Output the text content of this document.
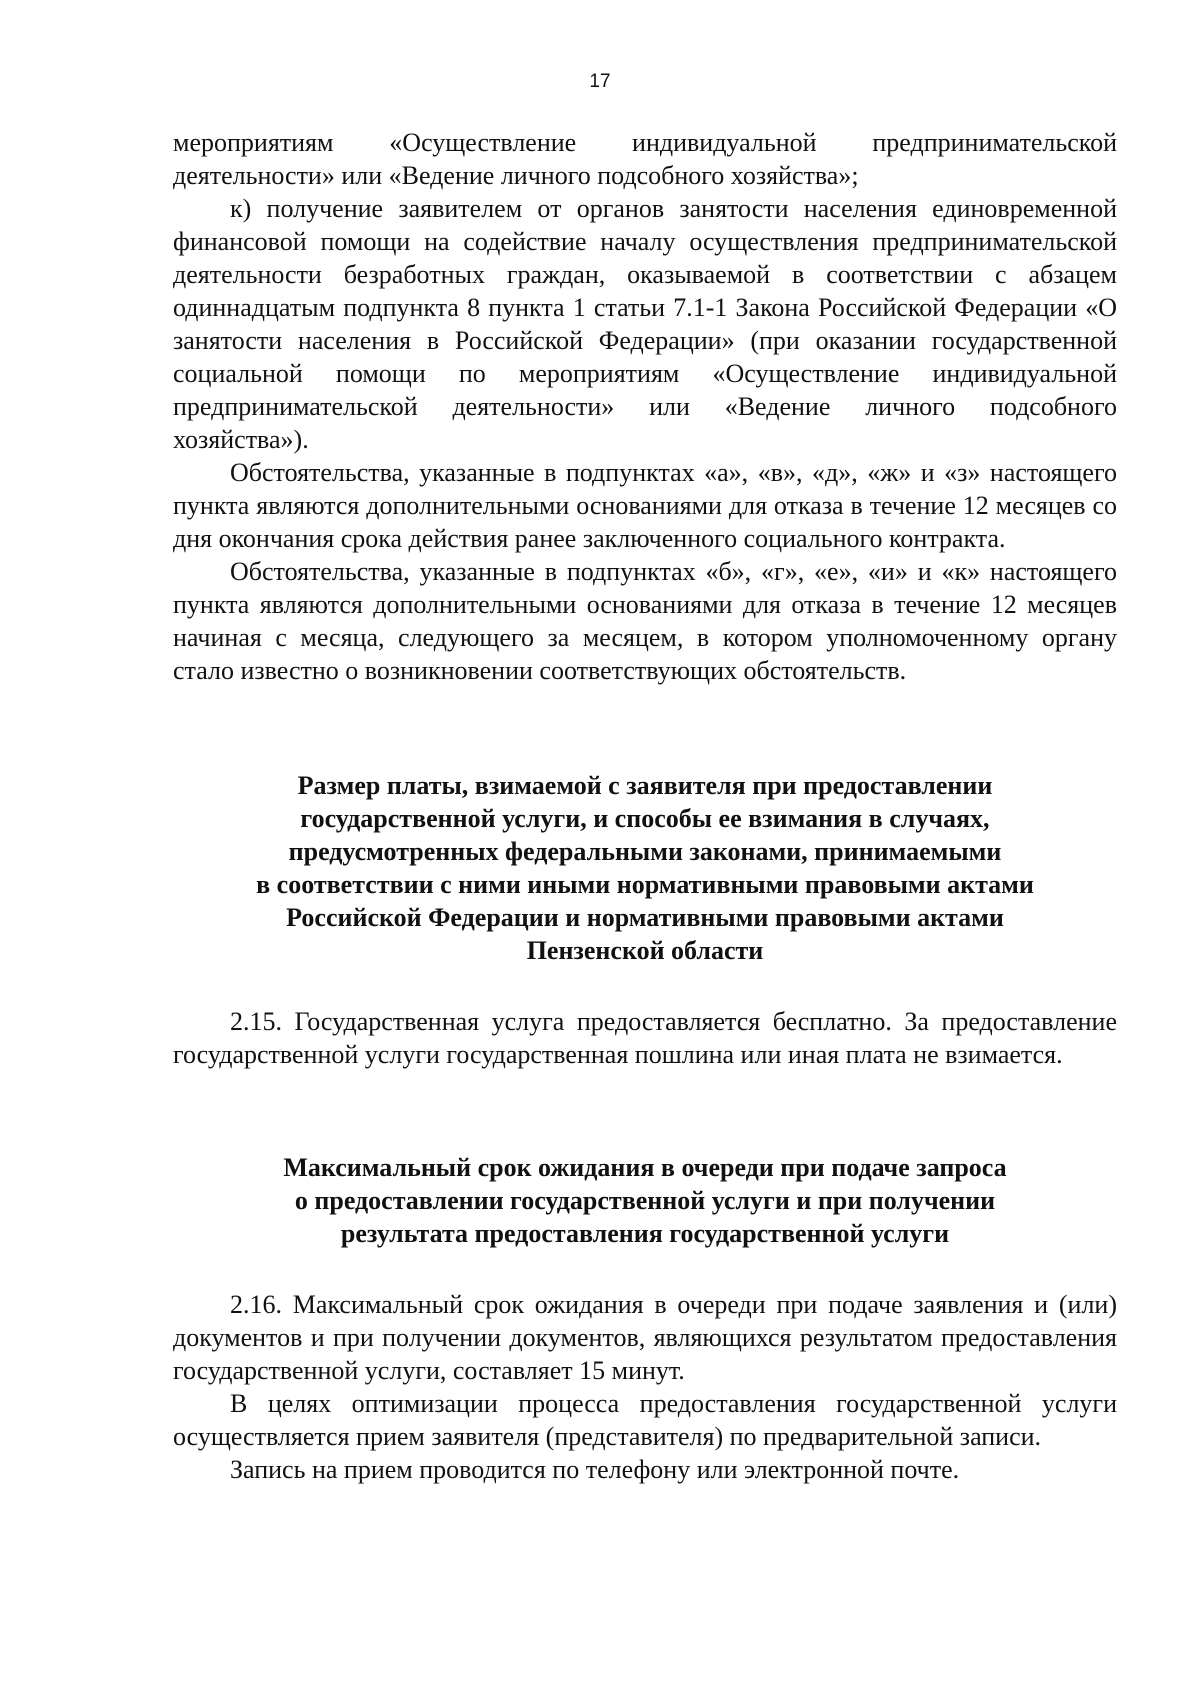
17

мероприятиям «Осуществление индивидуальной предпринимательской деятельности» или «Ведение личного подсобного хозяйства»;

к) получение заявителем от органов занятости населения единовременной финансовой помощи на содействие началу осуществления предпринимательской деятельности безработных граждан, оказываемой в соответствии с абзацем одиннадцатым подпункта 8 пункта 1 статьи 7.1-1 Закона Российской Федерации «О занятости населения в Российской Федерации» (при оказании государственной социальной помощи по мероприятиям «Осуществление индивидуальной предпринимательской деятельности» или «Ведение личного подсобного хозяйства»).

Обстоятельства, указанные в подпунктах «а», «в», «д», «ж» и «з» настоящего пункта являются дополнительными основаниями для отказа в течение 12 месяцев со дня окончания срока действия ранее заключенного социального контракта.

Обстоятельства, указанные в подпунктах «б», «г», «е», «и» и «к» настоящего пункта являются дополнительными основаниями для отказа в течение 12 месяцев начиная с месяца, следующего за месяцем, в котором уполномоченному органу стало известно о возникновении соответствующих обстоятельств.

Размер платы, взимаемой с заявителя при предоставлении
государственной услуги, и способы ее взимания в случаях,
предусмотренных федеральными законами, принимаемыми
в соответствии с ними иными нормативными правовыми актами
Российской Федерации и нормативными правовыми актами
Пензенской области

2.15. Государственная услуга предоставляется бесплатно. За предоставление государственной услуги государственная пошлина или иная плата не взимается.

Максимальный срок ожидания в очереди при подаче запроса
о предоставлении государственной услуги и при получении
результата предоставления государственной услуги

2.16. Максимальный срок ожидания в очереди при подаче заявления и (или) документов и при получении документов, являющихся результатом предоставления государственной услуги, составляет 15 минут.

В целях оптимизации процесса предоставления государственной услуги осуществляется прием заявителя (представителя) по предварительной записи.

Запись на прием проводится по телефону или электронной почте.
